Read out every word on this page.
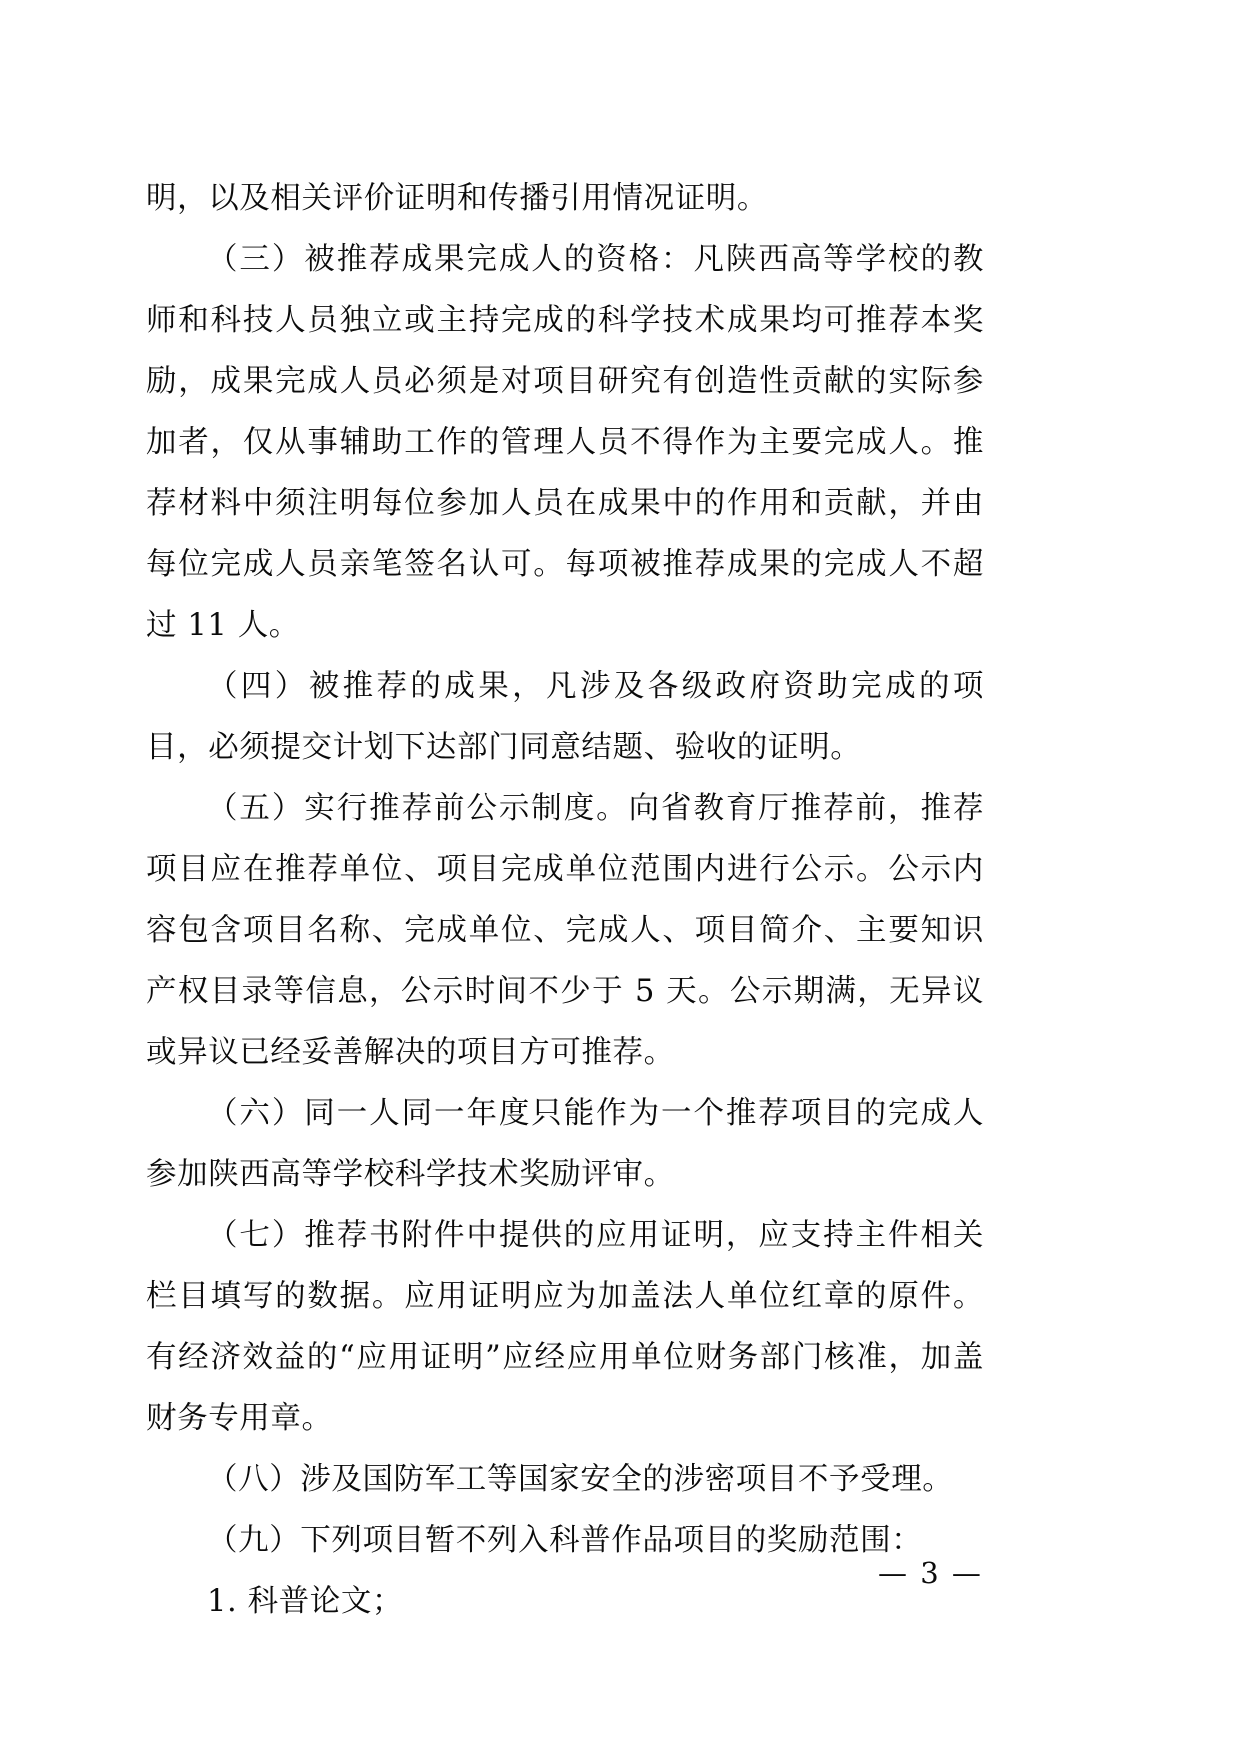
明，以及相关评价证明和传播引用情况证明。

（三）被推荐成果完成人的资格：凡陕西高等学校的教师和科技人员独立或主持完成的科学技术成果均可推荐本奖励，成果完成人员必须是对项目研究有创造性贡献的实际参加者，仅从事辅助工作的管理人员不得作为主要完成人。推荐材料中须注明每位参加人员在成果中的作用和贡献，并由每位完成人员亲笔签名认可。每项被推荐成果的完成人不超过 11 人。

（四）被推荐的成果，凡涉及各级政府资助完成的项目，必须提交计划下达部门同意结题、验收的证明。

（五）实行推荐前公示制度。向省教育厅推荐前，推荐项目应在推荐单位、项目完成单位范围内进行公示。公示内容包含项目名称、完成单位、完成人、项目简介、主要知识产权目录等信息，公示时间不少于 5 天。公示期满，无异议或异议已经妥善解决的项目方可推荐。

（六）同一人同一年度只能作为一个推荐项目的完成人参加陕西高等学校科学技术奖励评审。

（七）推荐书附件中提供的应用证明，应支持主件相关栏目填写的数据。应用证明应为加盖法人单位红章的原件。有经济效益的“应用证明”应经应用单位财务部门核准，加盖财务专用章。

（八）涉及国防军工等国家安全的涉密项目不予受理。

（九）下列项目暂不列入科普作品项目的奖励范围：

1. 科普论文；

— 3 —
